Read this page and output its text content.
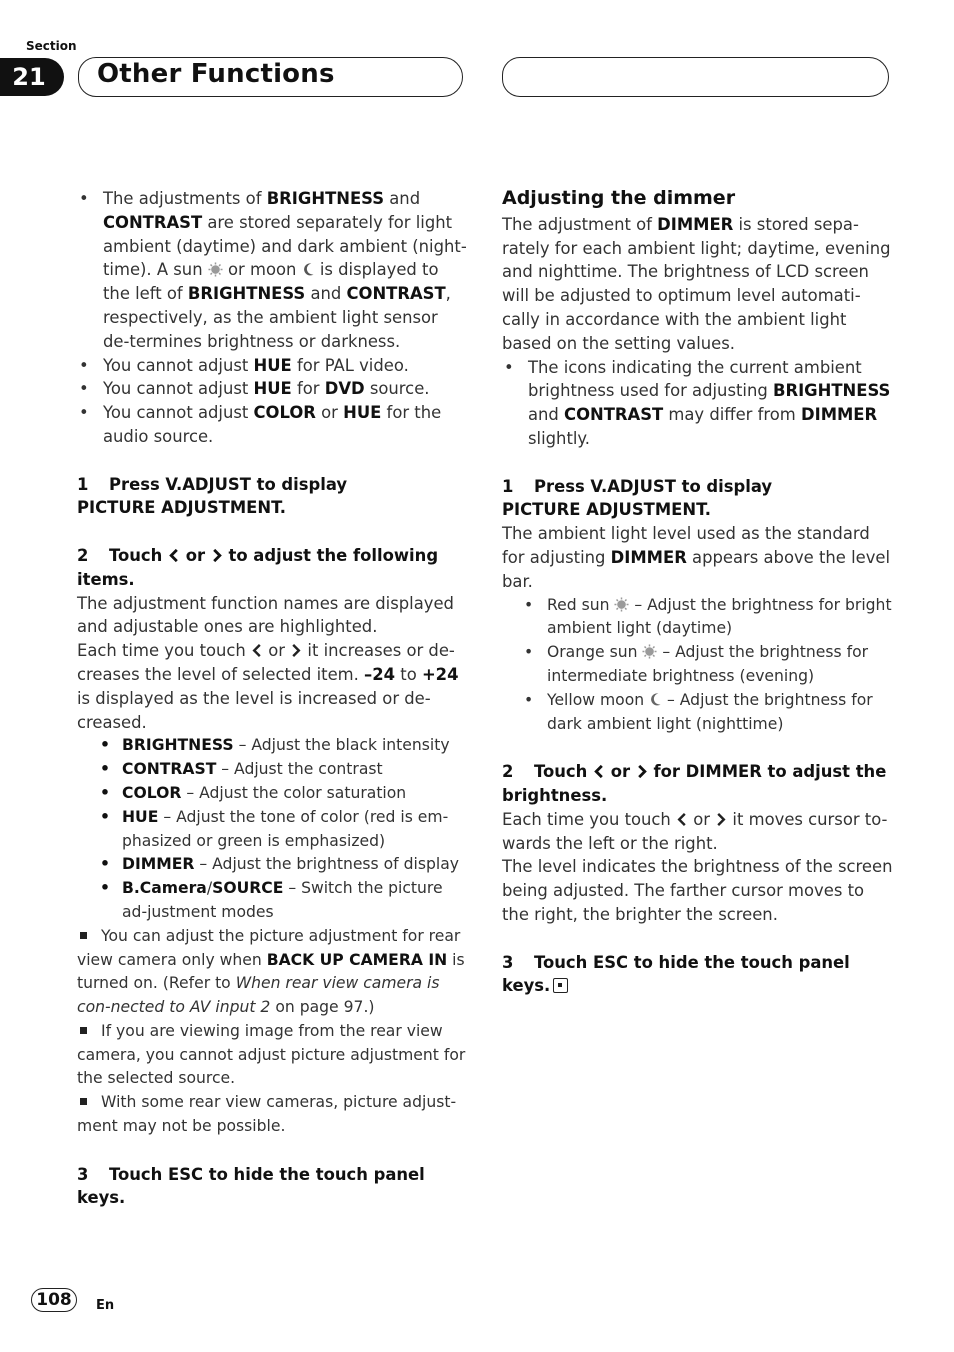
Section
21	Other Functions

• The adjustments of BRIGHTNESS and CONTRAST are stored separately for light ambient (daytime) and dark ambient (night-time). A sun  or moon  is displayed to the left of BRIGHTNESS and CONTRAST, respectively, as the ambient light sensor de-termines brightness or darkness.

• You cannot adjust HUE for PAL video.

• You cannot adjust HUE for DVD source.

• You cannot adjust COLOR or HUE for the audio source.

1 Press V.ADJUST to display

PICTURE ADJUSTMENT.

2 Touch  or  to adjust the following items.

The adjustment function names are displayed and adjustable ones are highlighted.

Each time you touch  or  it increases or de-creases the level of selected item. –24 to +24 is displayed as the level is increased or de-creased.

• BRIGHTNESS – Adjust the black intensity

• CONTRAST – Adjust the contrast

• COLOR – Adjust the color saturation

• HUE – Adjust the tone of color (red is em-phasized or green is emphasized)

• DIMMER – Adjust the brightness of display

• B.Camera/SOURCE – Switch the picture ad-justment modes

You can adjust the picture adjustment for rear view camera only when BACK UP CAMERA IN is turned on. (Refer to When rear view camera is con-nected to AV input 2 on page 97.)

If you are viewing image from the rear view camera, you cannot adjust picture adjustment for the selected source.

With some rear view cameras, picture adjust-ment may not be possible.

3 Touch ESC to hide the touch panel keys.

Adjusting the dimmer

The adjustment of DIMMER is stored sepa-rately for each ambient light; daytime, evening and nighttime. The brightness of LCD screen will be adjusted to optimum level automati-cally in accordance with the ambient light based on the setting values.

• The icons indicating the current ambient brightness used for adjusting BRIGHTNESS and CONTRAST may differ from DIMMER slightly.

1 Press V.ADJUST to display

PICTURE ADJUSTMENT.

The ambient light level used as the standard for adjusting DIMMER appears above the level bar.

• Red sun  – Adjust the brightness for bright ambient light (daytime)

• Orange sun  – Adjust the brightness for intermediate brightness (evening)

• Yellow moon  – Adjust the brightness for dark ambient light (nighttime)

2 Touch  or  for DIMMER to adjust the brightness.

Each time you touch  or  it moves cursor to-wards the left or the right.

The level indicates the brightness of the screen being adjusted. The farther cursor moves to the right, the brighter the screen.

3 Touch ESC to hide the touch panel keys.

108	En
